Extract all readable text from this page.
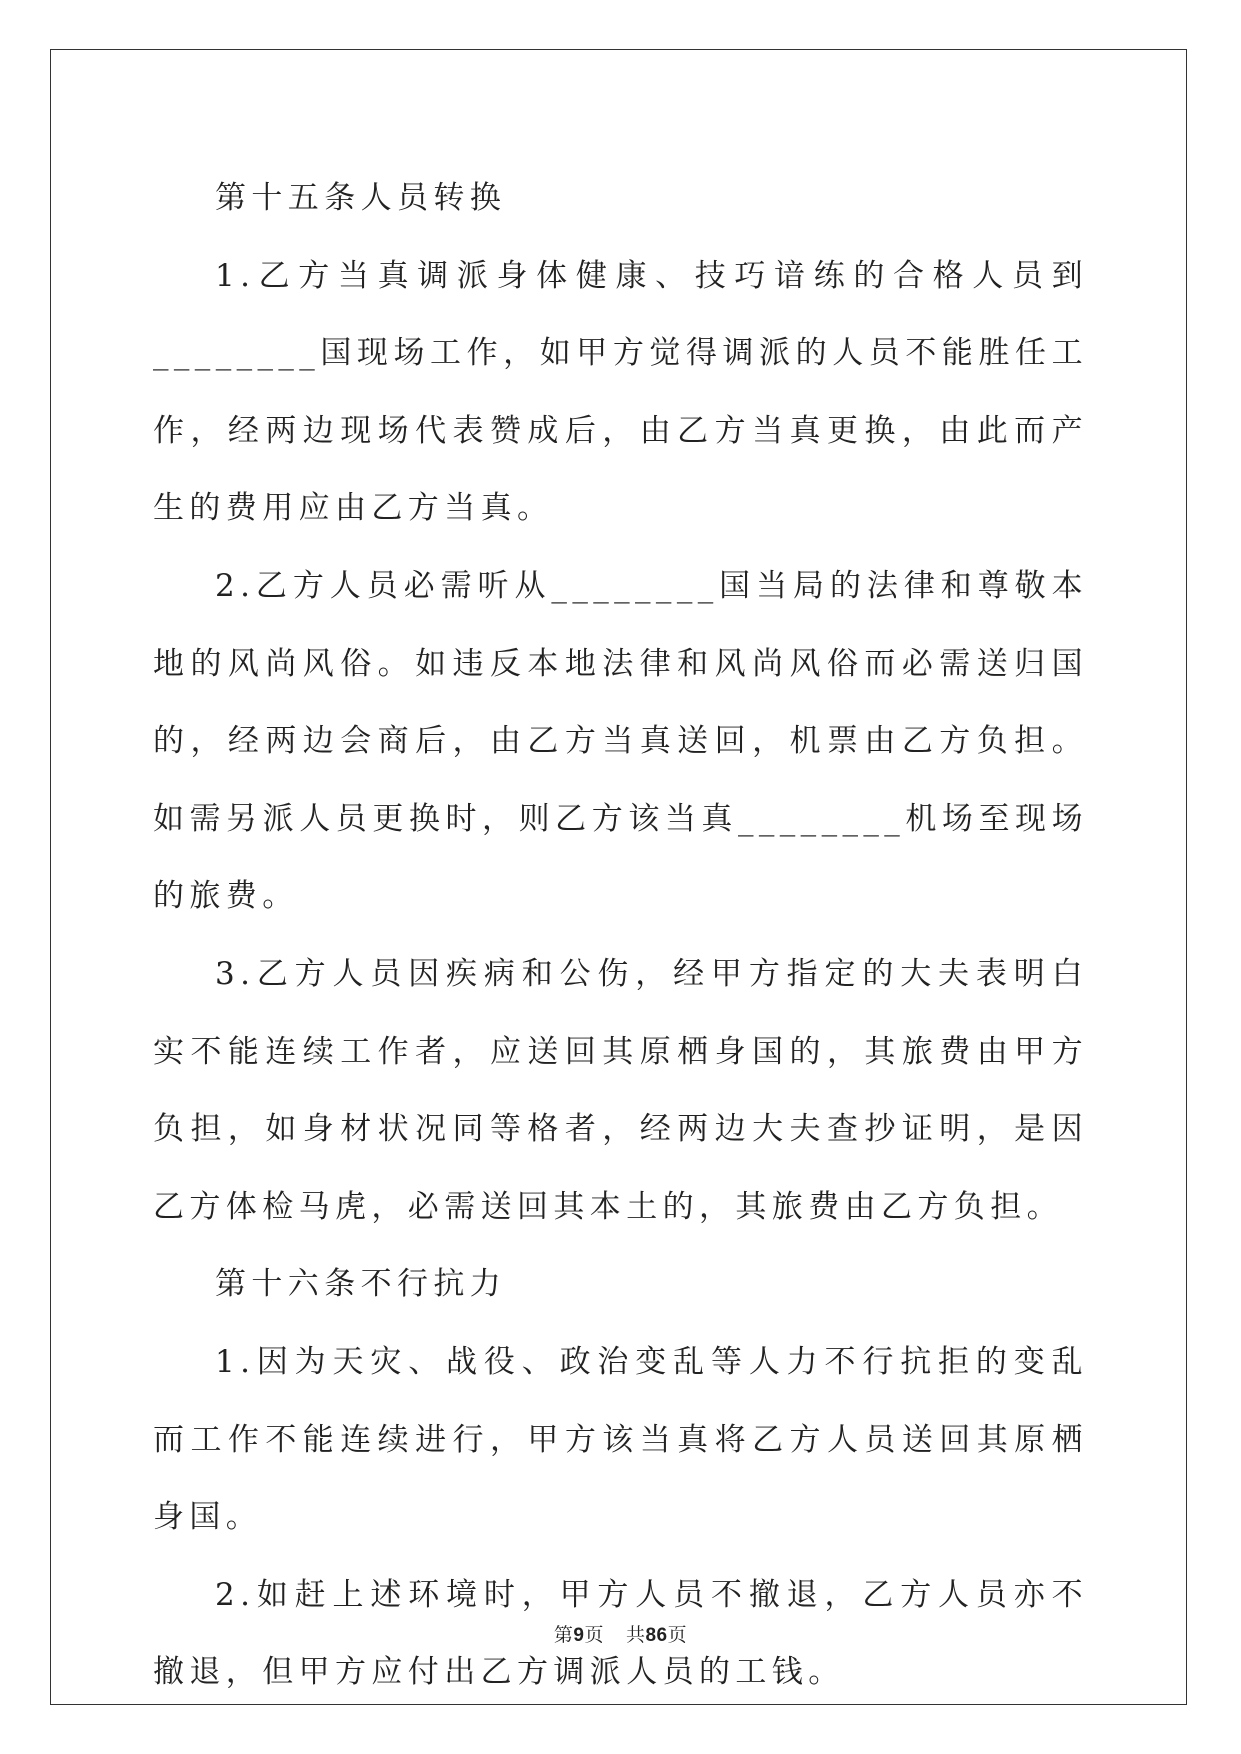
第十五条人员转换

1.乙方当真调派身体健康、技巧谙练的合格人员到________国现场工作，如甲方觉得调派的人员不能胜任工作，经两边现场代表赞成后，由乙方当真更换，由此而产生的费用应由乙方当真。

2.乙方人员必需听从________国当局的法律和尊敬本地的风尚风俗。如违反本地法律和风尚风俗而必需送归国的，经两边会商后，由乙方当真送回，机票由乙方负担。如需另派人员更换时，则乙方该当真________机场至现场的旅费。

3.乙方人员因疾病和公伤，经甲方指定的大夫表明白实不能连续工作者，应送回其原栖身国的，其旅费由甲方负担，如身材状况同等格者，经两边大夫查抄证明，是因乙方体检马虎，必需送回其本土的，其旅费由乙方负担。

第十六条不行抗力

1.因为天灾、战役、政治变乱等人力不行抗拒的变乱而工作不能连续进行，甲方该当真将乙方人员送回其原栖身国。

2.如赶上述环境时，甲方人员不撤退，乙方人员亦不撤退，但甲方应付出乙方调派人员的工钱。

第9页 共86页
